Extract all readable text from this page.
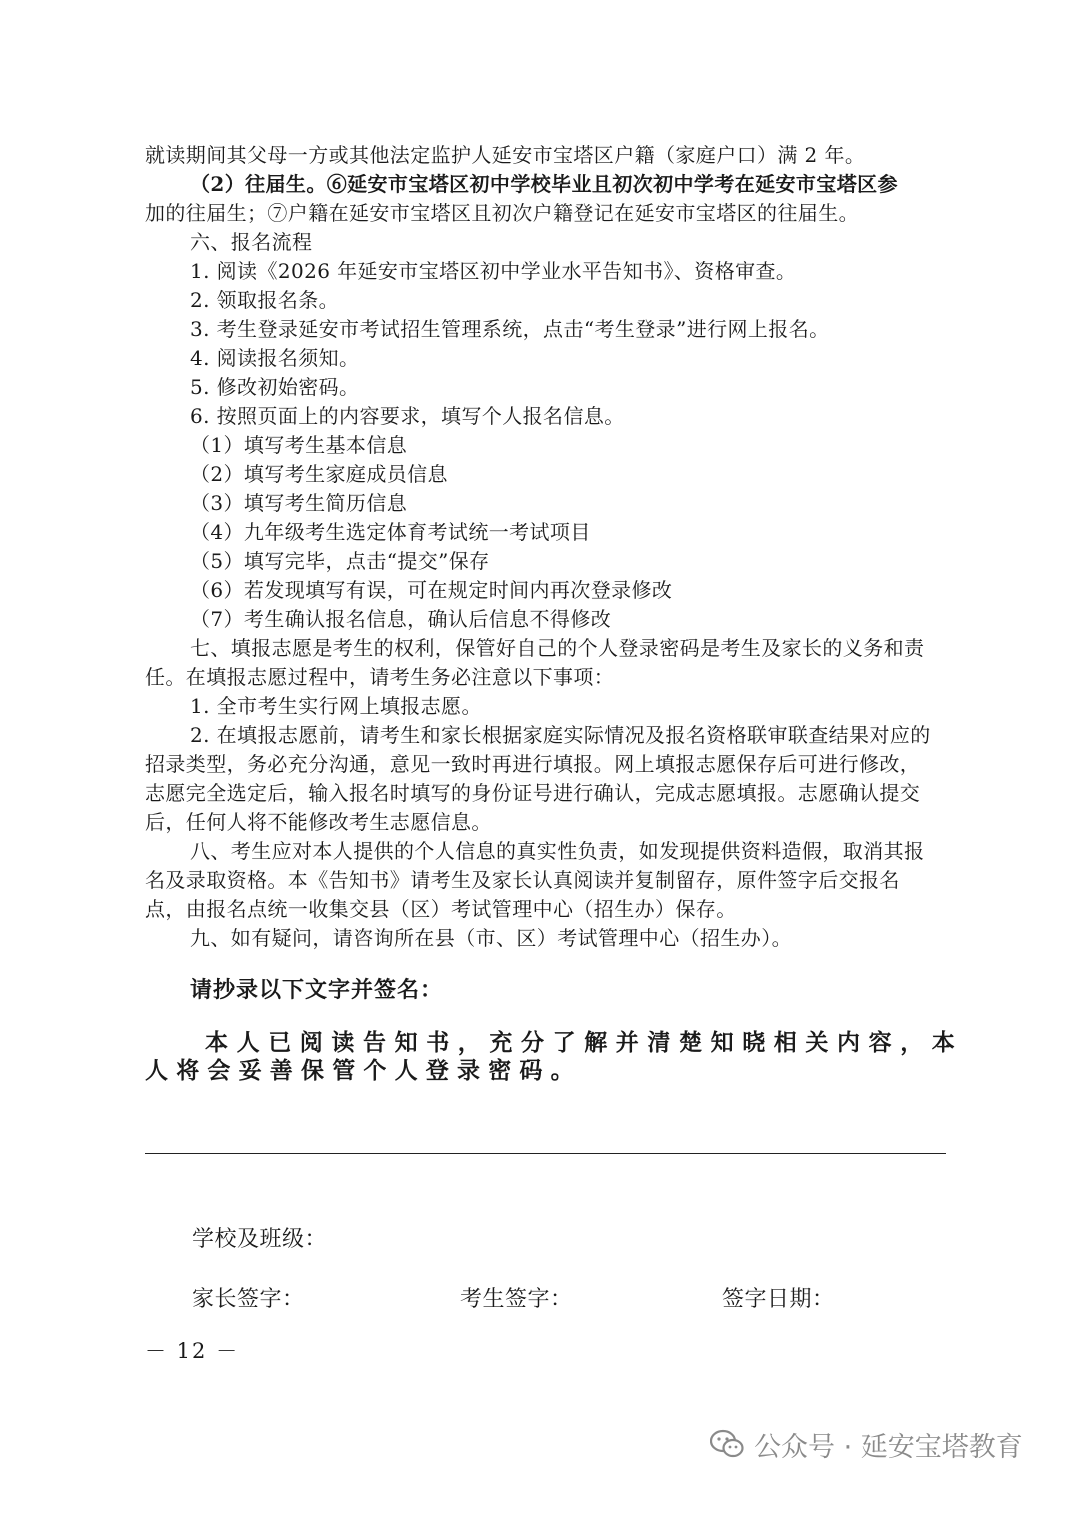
就读期间其父母一方或其他法定监护人延安市宝塔区户籍（家庭户口）满 2 年。
（2）往届生。⑥延安市宝塔区初中学校毕业且初次初中学考在延安市宝塔区参
加的往届生；⑦户籍在延安市宝塔区且初次户籍登记在延安市宝塔区的往届生。
六、报名流程
1. 阅读《2026 年延安市宝塔区初中学业水平告知书》、资格审查。
2. 领取报名条。
3. 考生登录延安市考试招生管理系统，点击“考生登录”进行网上报名。
4. 阅读报名须知。
5. 修改初始密码。
6. 按照页面上的内容要求，填写个人报名信息。
（1）填写考生基本信息
（2）填写考生家庭成员信息
（3）填写考生简历信息
（4）九年级考生选定体育考试统一考试项目
（5）填写完毕，点击“提交”保存
（6）若发现填写有误，可在规定时间内再次登录修改
（7）考生确认报名信息，确认后信息不得修改
七、填报志愿是考生的权利，保管好自己的个人登录密码是考生及家长的义务和责
任。在填报志愿过程中，请考生务必注意以下事项：
1. 全市考生实行网上填报志愿。
2. 在填报志愿前，请考生和家长根据家庭实际情况及报名资格联审联查结果对应的
招录类型，务必充分沟通，意见一致时再进行填报。网上填报志愿保存后可进行修改，
志愿完全选定后，输入报名时填写的身份证号进行确认，完成志愿填报。志愿确认提交
后，任何人将不能修改考生志愿信息。
八、考生应对本人提供的个人信息的真实性负责，如发现提供资料造假，取消其报
名及录取资格。本《告知书》请考生及家长认真阅读并复制留存，原件签字后交报名
点，由报名点统一收集交县（区）考试管理中心（招生办）保存。
九、如有疑问，请咨询所在县（市、区）考试管理中心（招生办）。
请抄录以下文字并签名：
本人已阅读告知书，充分了解并清楚知晓相关内容，本
人将会妥善保管个人登录密码。
学校及班级：
家长签字：	考生签字：	签字日期：
－ 12 －
公众号 · 延安宝塔教育
